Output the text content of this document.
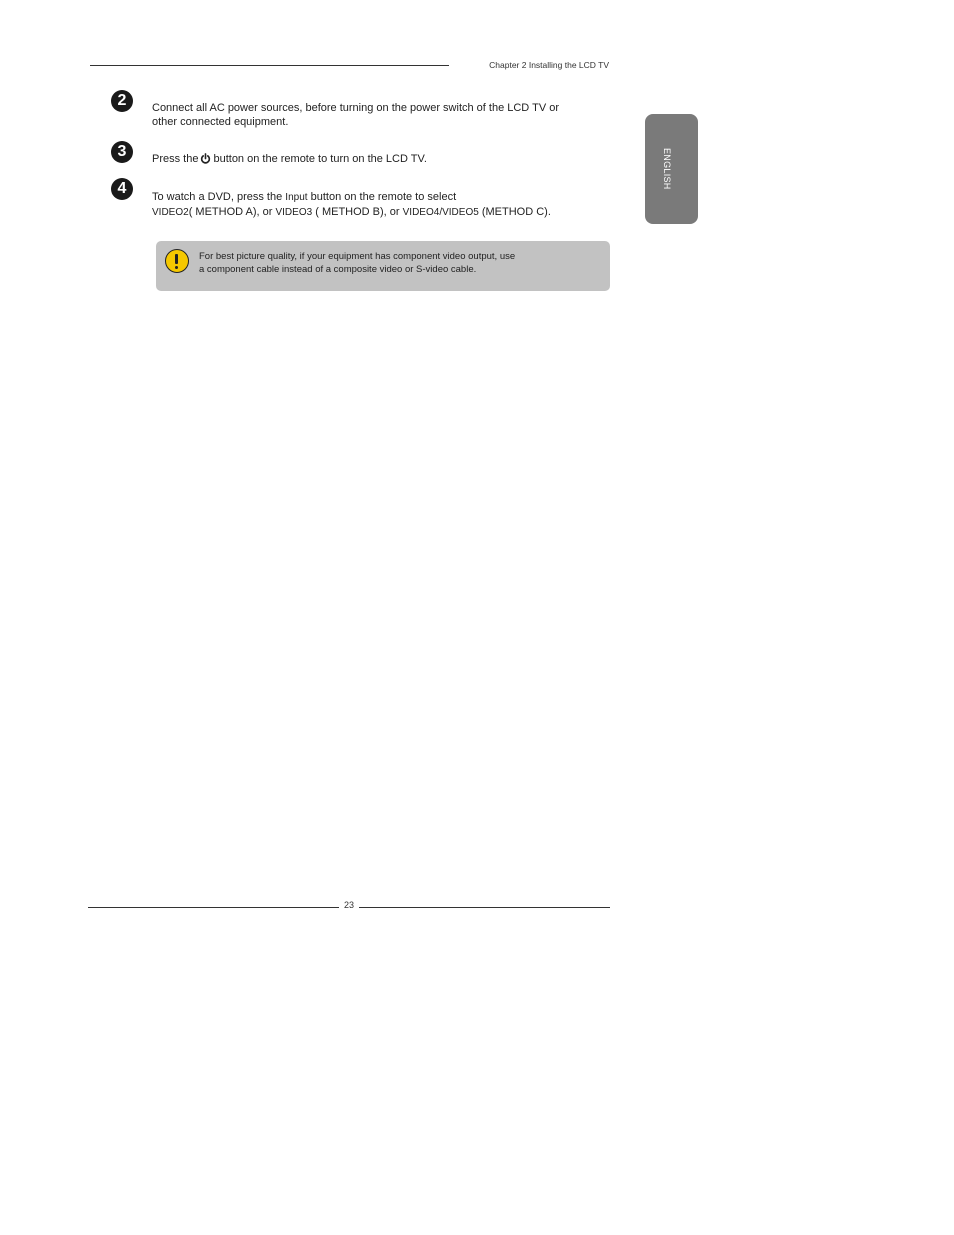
Chapter 2 Installing the LCD TV
ENGLISH
2	Connect all AC power sources, before turning on the power switch of the LCD TV or
other connected equipment.
3	Press the button on the remote to turn on the LCD TV.
4	To watch a DVD, press the Input button on the remote to select
VIDEO2( METHOD A), or VIDEO3 ( METHOD B), or VIDEO4/VIDEO5 (METHOD C).
For best picture quality, if your equipment has component video output, use
a component cable instead of a composite video or S-video cable.
23
